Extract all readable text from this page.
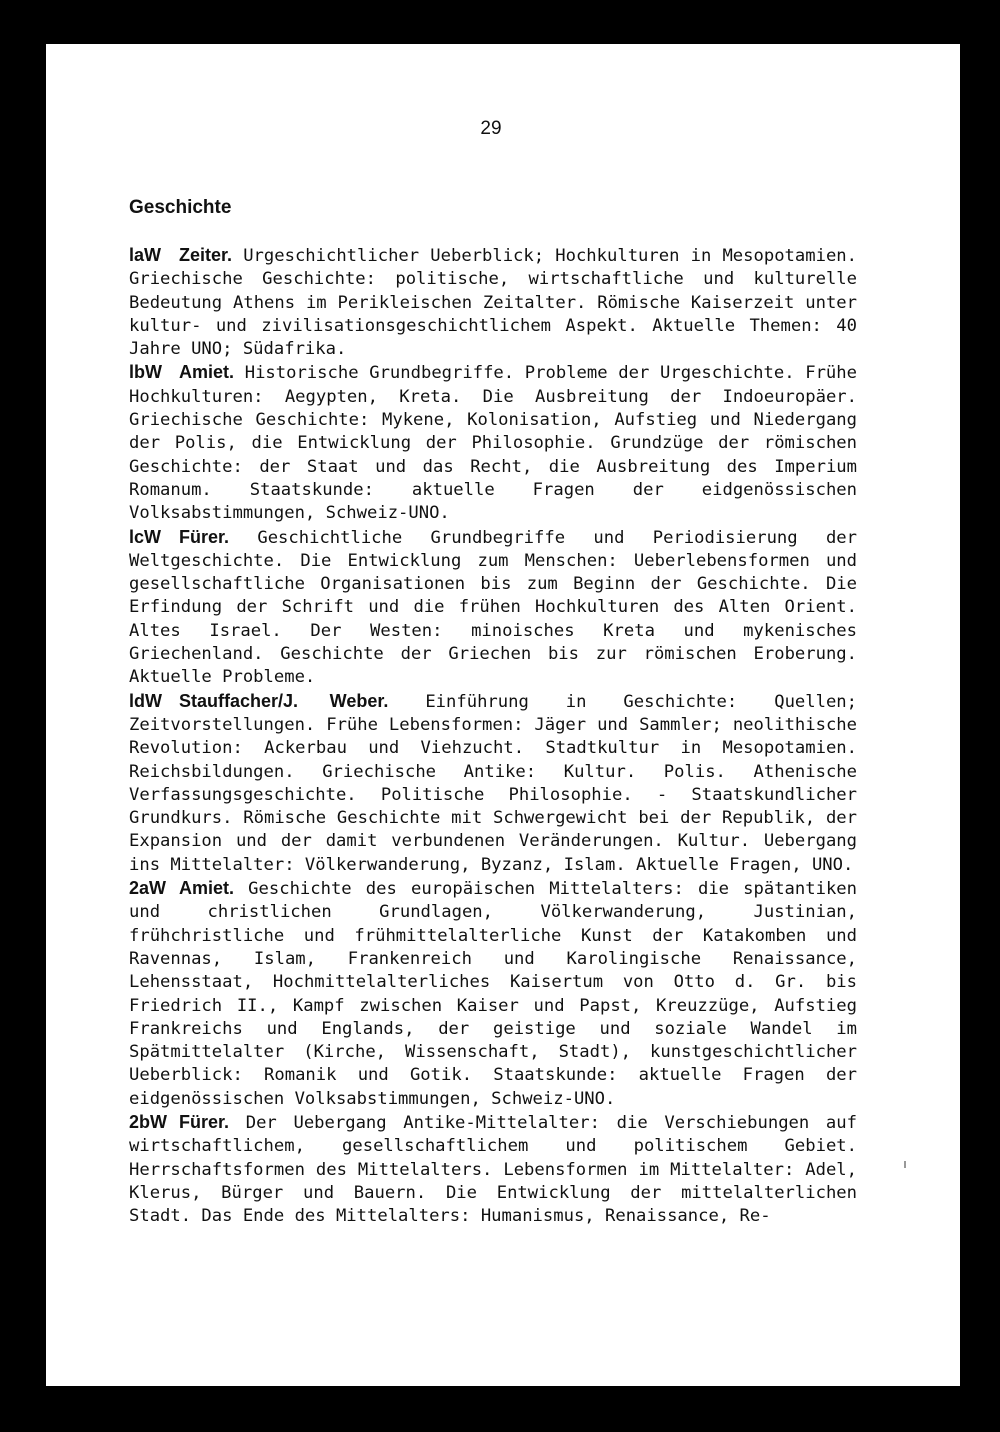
29
Geschichte

laW Zeiter. Urgeschichtlicher Ueberblick; Hochkulturen in Mesopotamien. Griechische Geschichte: politische, wirtschaftliche und kulturelle Bedeutung Athens im Perikleischen Zeitalter. Römische Kaiserzeit unter kultur- und zivilisationsgeschichtlichem Aspekt. Aktuelle Themen: 40 Jahre UNO; Südafrika.

lbW Amiet. Historische Grundbegriffe. Probleme der Urgeschichte. Frühe Hochkulturen: Aegypten, Kreta. Die Ausbreitung der Indoeuropäer. Griechische Geschichte: Mykene, Kolonisation, Aufstieg und Niedergang der Polis, die Entwicklung der Philosophie. Grundzüge der römischen Geschichte: der Staat und das Recht, die Ausbreitung des Imperium Romanum. Staatskunde: aktuelle Fragen der eidgenössischen Volksabstimmungen, Schweiz-UNO.

lcW Fürer. Geschichtliche Grundbegriffe und Periodisierung der Weltgeschichte. Die Entwicklung zum Menschen: Ueberlebensformen und gesellschaftliche Organisationen bis zum Beginn der Geschichte. Die Erfindung der Schrift und die frühen Hochkulturen des Alten Orient. Altes Israel. Der Westen: minoisches Kreta und mykenisches Griechenland. Geschichte der Griechen bis zur römischen Eroberung. Aktuelle Probleme.

ldW Stauffacher/J. Weber. Einführung in Geschichte: Quellen; Zeitvorstellungen. Frühe Lebensformen: Jäger und Sammler; neolithische Revolution: Ackerbau und Viehzucht. Stadtkultur in Mesopotamien. Reichsbildungen. Griechische Antike: Kultur. Polis. Athenische Verfassungsgeschichte. Politische Philosophie. - Staatskundlicher Grundkurs. Römische Geschichte mit Schwergewicht bei der Republik, der Expansion und der damit verbundenen Veränderungen. Kultur. Uebergang ins Mittelalter: Völkerwanderung, Byzanz, Islam. Aktuelle Fragen, UNO.

2aW Amiet. Geschichte des europäischen Mittelalters: die spätantiken und christlichen Grundlagen, Völkerwanderung, Justinian, frühchristliche und frühmittelalterliche Kunst der Katakomben und Ravennas, Islam, Frankenreich und Karolingische Renaissance, Lehensstaat, Hochmittelalterliches Kaisertum von Otto d. Gr. bis Friedrich II., Kampf zwischen Kaiser und Papst, Kreuzzüge, Aufstieg Frankreichs und Englands, der geistige und soziale Wandel im Spätmittelalter (Kirche, Wissenschaft, Stadt), kunstgeschichtlicher Ueberblick: Romanik und Gotik. Staatskunde: aktuelle Fragen der eidgenössischen Volksabstimmungen, Schweiz-UNO.

2bW Fürer. Der Uebergang Antike-Mittelalter: die Verschiebungen auf wirtschaftlichem, gesellschaftlichem und politischem Gebiet. Herrschaftsformen des Mittelalters. Lebensformen im Mittelalter: Adel, Klerus, Bürger und Bauern. Die Entwicklung der mittelalterlichen Stadt. Das Ende des Mittelalters: Humanismus, Renaissance, Re-
